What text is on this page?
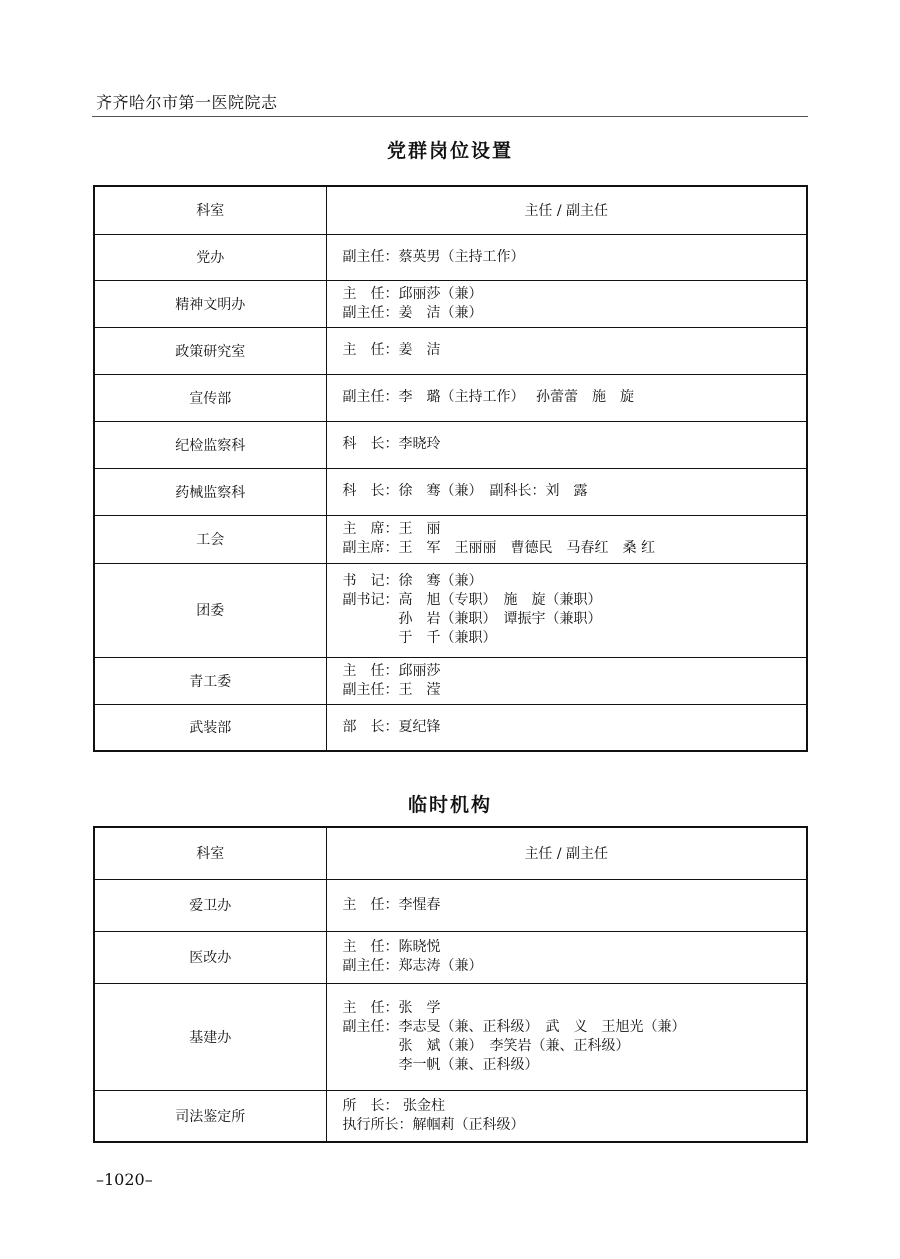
齐齐哈尔市第一医院院志
党群岗位设置
科室	主任 / 副主任
党办	副主任：蔡英男（主持工作）

精神文明办	主　任：邱丽莎（兼）
副主任：姜　洁（兼）

政策研究室	主　任：姜　洁

宣传部	副主任：李　璐（主持工作）　 孙蕾蕾　施　旋

纪检监察科	科　长：李晓玲

药械监察科	科　长：徐　骞（兼）　副科长：刘　露

工会	主　席：王　丽
副主席：王　军　王丽丽　曹德民　马春红　桑 红

团委	书　记：徐　骞（兼）
副书记：高　旭（专职）　施　旋（兼职）
　　　　孙　岩（兼职）　谭振宇（兼职）
　　　　于　千（兼职）

青工委	主　任：邱丽莎
副主任：王　滢

武装部	部　长：夏纪锋
临时机构
科室	主任 / 副主任
爱卫办	主　任：李惺春

医改办	主　任：陈晓悦
副主任：郑志涛（兼）

基建办	主　任：张　学
副主任：李志旻（兼、正科级）　武　义　王旭光（兼）
　　　　张　斌（兼）　李笑岩（兼、正科级）
　　　　李一帆（兼、正科级）

司法鉴定所	所　长： 张金柱
执行所长：解帼莉（正科级）
–1020–
